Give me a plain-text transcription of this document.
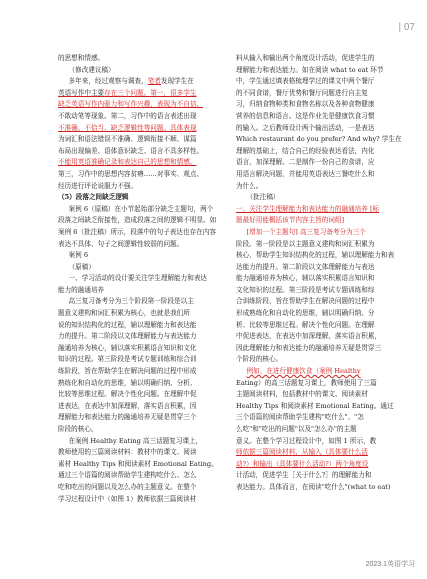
| 07

的思想和情感。

（修改建议稿）

多年来，经过观察与调查，笔者发现学生在

英语写作中主要存在三个问题。第一，很多学生

缺乏英语写作内驱力和写作兴趣，表现为不自信、

不敢动笔等现象。第二，习作中的语言表述出现

不准确、不恰当、缺乏逻辑性等问题。具体表现

为词汇和语法错误不准确、逻辑衔接不顺、谋篇

布局出现偏差、语体意识缺乏、语言不具多样性。

不能用英语准确记录和表达自己的思想和情感。

第三，习作中的思想内容贫瘠……对事实、观点、

经历进行评论说服力不强。

（5）段落之间缺乏逻辑

案例 6（原稿）在小节起始部分缺乏主题句，两个

段落之间缺乏衔接性，造成段落之间的逻辑不明显。如

案例 6（批注稿）所示，段落中的句子表达也存在内容

表达不具体、句子之间逻辑性较弱的问题。

案例 6

（原稿）

一、学习活动的设计要关注学生理解能力和表达

能力的融通培养

高三复习备考分为三个阶段第一阶段是以主

题意义建构和词汇积累为核心，也就是我们所

说的知识结构化的过程，辅以理解能力和表达能

力的提升。第二阶段以文体理解能力与表达能力

融通培养为核心，辅以落实积累语言知识和文化

知识的过程。第三阶段是考试专题训练和综合训

练阶段，旨在帮助学生在解决问题的过程中形成

熟练化和自动化的思维，辅以明确归纳、分析、

比较等思维过程。解决个性化问题。在理解中促

进表达，在表达中加深理解，落实语言积累，因

理解能力和表达能力的融通培养无疑是贯穿三个

阶段的核心。

在案例 Healthy Eating 高三话题复习课上，

教师使用的三篇阅读材料：教材中的课文、阅读

素材 Healthy Tips 和阅读素材 Emotional Eating。

通过三个语篇的阅读帮助学生建构吃什么、怎么

吃和吃出的问题以及怎么办的主题意义。在整个

学习过程设计中（如图 1）教师依据三篇阅读材

料从输入和输出两个角度设计活动，促进学生的

理解能力和表达能力。如在阅读 what to eat 环节

中，学生通过填表格梳理学过的课文中两个餐厅

的不同食谱，餐厅优势和餐厅问题进行自主复

习，归纳食物种类和食物名称以及各种食物健康

营养的信息和语言。这是作业先是健康饮食习惯

的输入。之后教师设计两个输出活动，一是表达

Which restaurant do you prefer? And why? 学生在

理解的基础上，结合自己的经验表达看法，内化

语言，加深理解。二是制作一份自己的食谱，应

用语言解决问题，并能用英语表达三餐吃什么和

为什么。

（批注稿）

一、关注学生理解能力和表达能力的融通培养 [标

题最好用能概括该节内容主旨的词组]

[增加一个主题句] 高三复习备考分为三个

阶段。第一阶段是以主题意义建构和词汇积累为

核心，帮助学生知识结构化的过程，辅以理解能力和表

达能力的提升。第二阶段以文体理解能力与表达

能力融通培养为核心，辅以落实积累语言知识和

文化知识的过程。第三阶段是考试专题训练和综

合训练阶段，旨在帮助学生在解决问题的过程中

形成熟练化和自动化的思维，辅以明确归纳、分

析、比较等思维过程。解决个性化问题。在理解

中促进表达，在表达中加深理解，落实语言积累，

因此理解能力和表达能力的融通培养无疑是贯穿三

个阶段的核心。

例如，在进行健康饮食（案例 Healthy

Eating）的高三话题复习课上，教师使用了三篇

主题阅读材料，包括教材中的课文、阅读素材

Healthy Tips 和阅读素材 Emotional Eating。通过

三个语篇的阅读帮助学生建构"吃什么"、"怎

么吃"和"吃出的问题"以及"怎么办"的主题

意义。在整个学习过程设计中，如图 1 所示，教

师依据三篇阅读材料，从输入（具体要什么活

动?）和输出（具体要什么活动?）两个角度设

计活动，促进学生［关于什么?］的理解能力和

表达能力。具体而言，在阅读"吃什么"(what to eat)

2023.1英语学习
